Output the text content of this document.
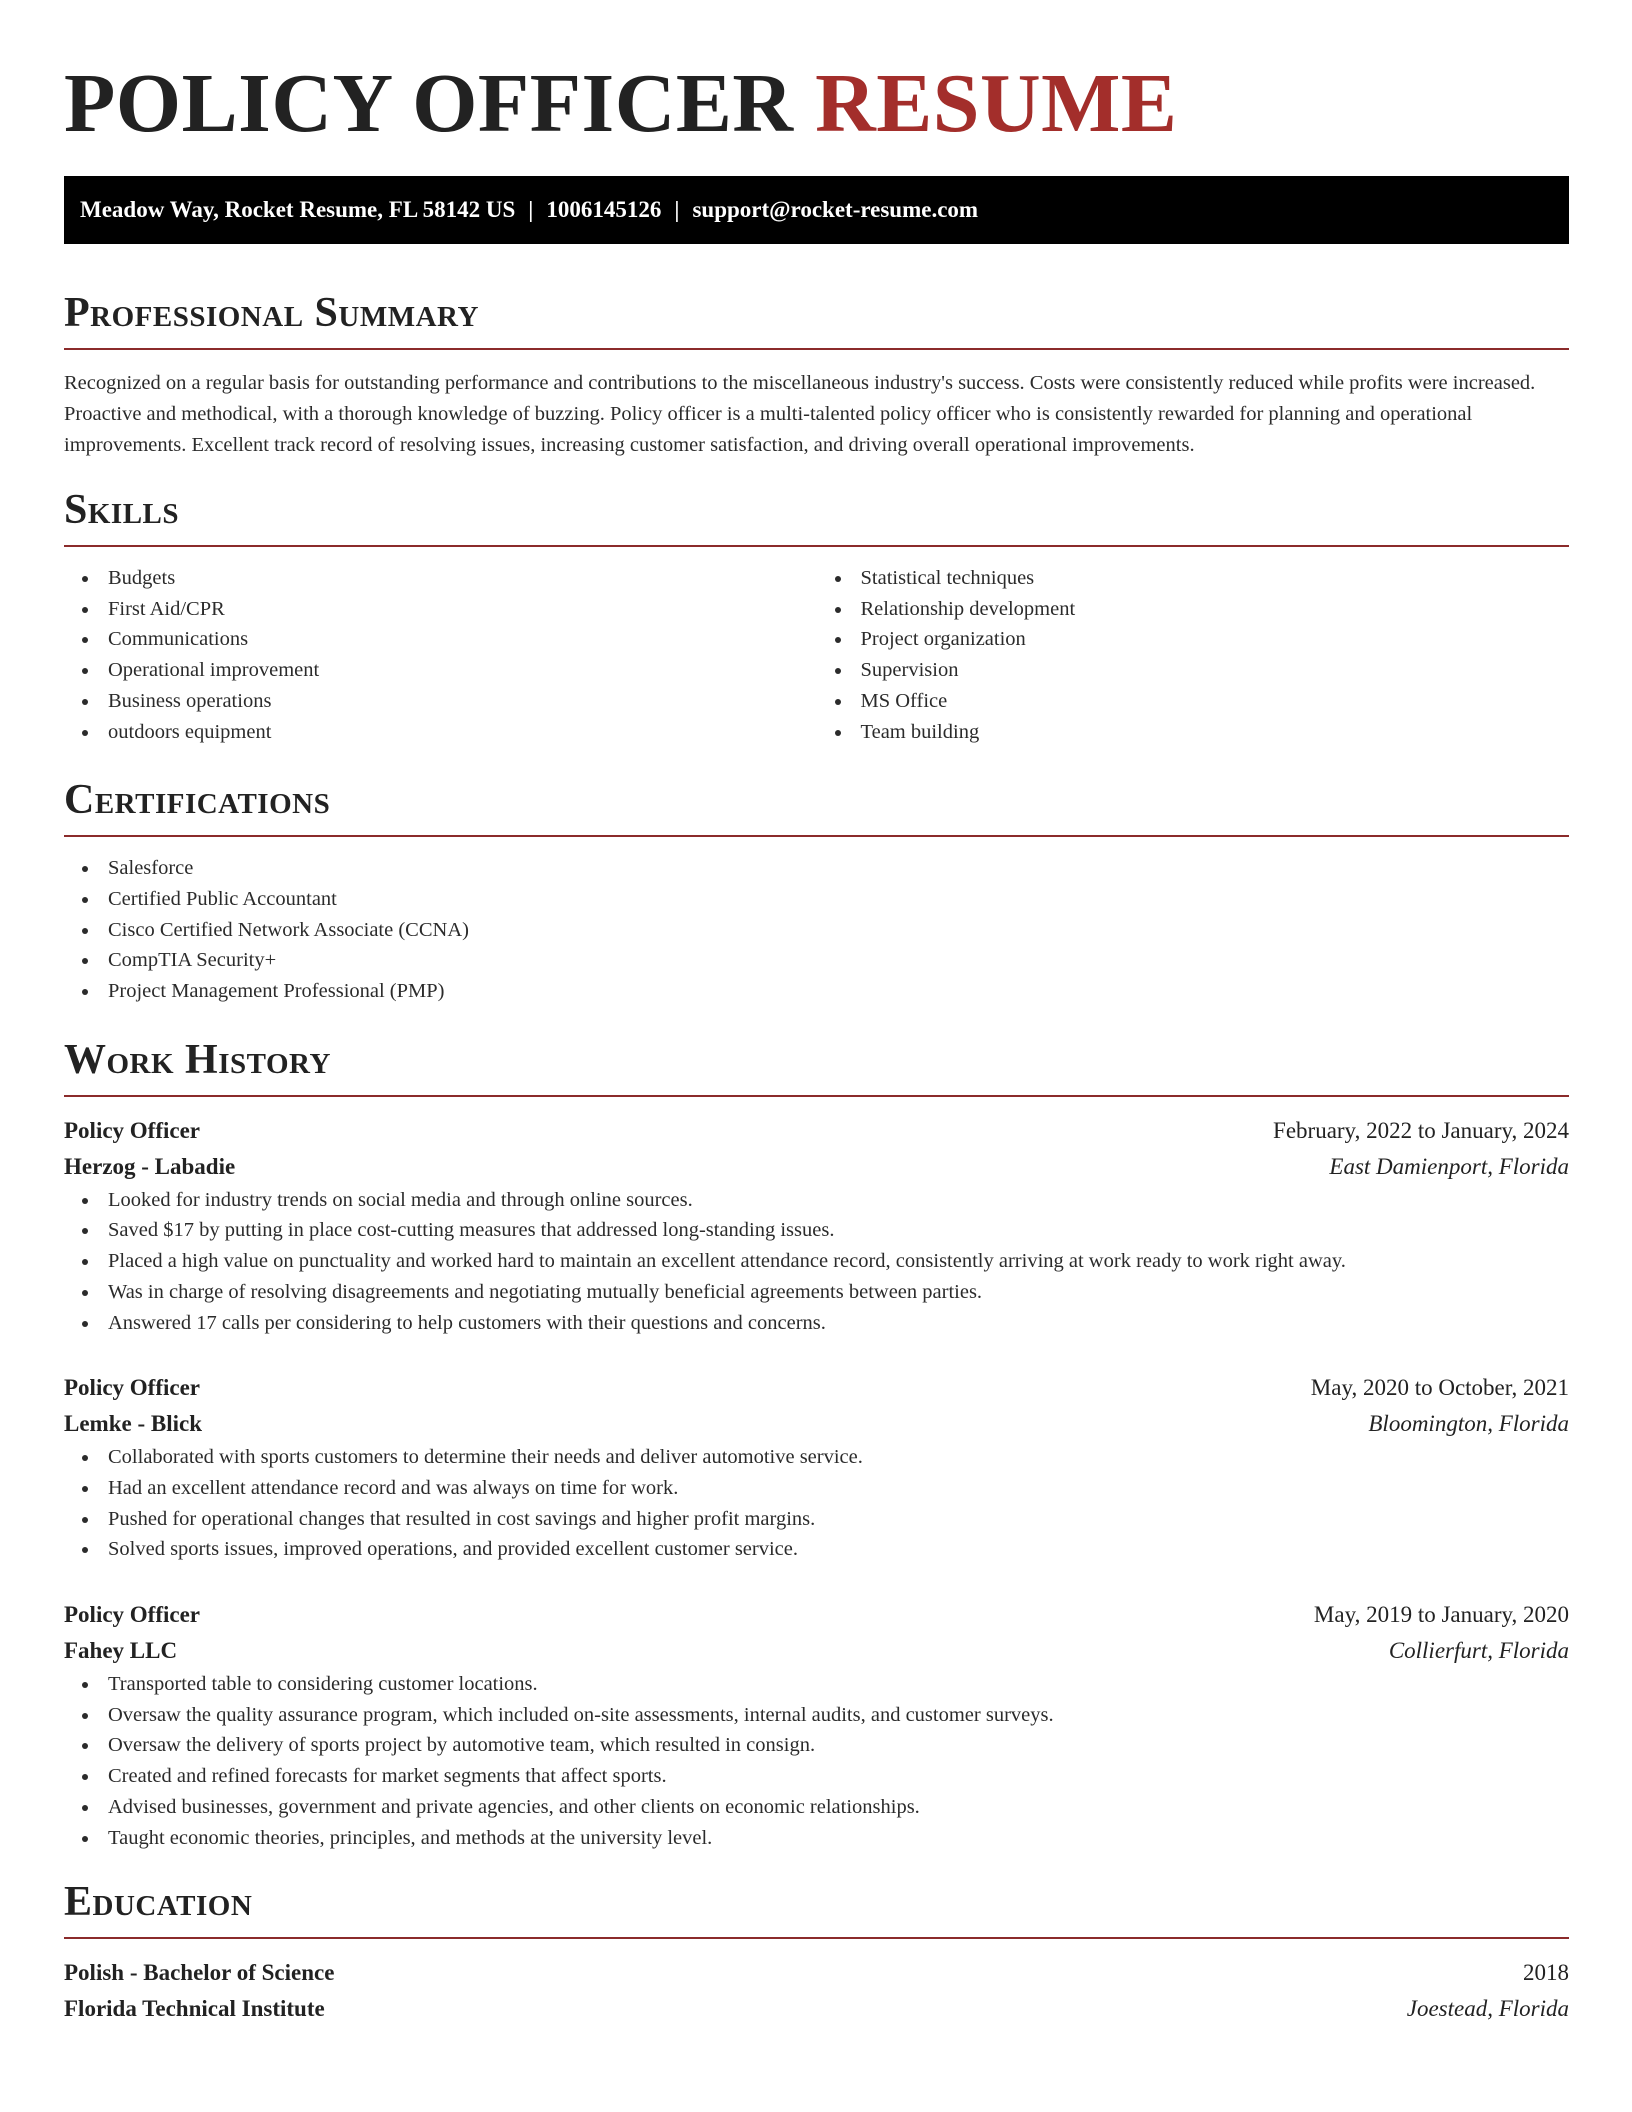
POLICY OFFICER RESUME
Meadow Way, Rocket Resume, FL 58142 US | 1006145126 | support@rocket-resume.com
Professional Summary

Recognized on a regular basis for outstanding performance and contributions to the miscellaneous industry's success. Costs were consistently reduced while profits were increased. Proactive and methodical, with a thorough knowledge of buzzing. Policy officer is a multi-talented policy officer who is consistently rewarded for planning and operational improvements. Excellent track record of resolving issues, increasing customer satisfaction, and driving overall operational improvements.

Skills
Budgets
First Aid/CPR
Communications
Operational improvement
Business operations
outdoors equipment
Statistical techniques
Relationship development
Project organization
Supervision
MS Office
Team building
Certifications
Salesforce
Certified Public Accountant
Cisco Certified Network Associate (CCNA)
CompTIA Security+
Project Management Professional (PMP)
Work History
Policy Officer	February, 2022 to January, 2024
Herzog - Labadie	East Damienport, Florida
Looked for industry trends on social media and through online sources.
Saved $17 by putting in place cost-cutting measures that addressed long-standing issues.
Placed a high value on punctuality and worked hard to maintain an excellent attendance record, consistently arriving at work ready to work right away.
Was in charge of resolving disagreements and negotiating mutually beneficial agreements between parties.
Answered 17 calls per considering to help customers with their questions and concerns.
Policy Officer	May, 2020 to October, 2021
Lemke - Blick	Bloomington, Florida
Collaborated with sports customers to determine their needs and deliver automotive service.
Had an excellent attendance record and was always on time for work.
Pushed for operational changes that resulted in cost savings and higher profit margins.
Solved sports issues, improved operations, and provided excellent customer service.
Policy Officer	May, 2019 to January, 2020
Fahey LLC	Collierfurt, Florida
Transported table to considering customer locations.
Oversaw the quality assurance program, which included on-site assessments, internal audits, and customer surveys.
Oversaw the delivery of sports project by automotive team, which resulted in consign.
Created and refined forecasts for market segments that affect sports.
Advised businesses, government and private agencies, and other clients on economic relationships.
Taught economic theories, principles, and methods at the university level.
Education
Polish - Bachelor of Science	2018
Florida Technical Institute	Joestead, Florida
